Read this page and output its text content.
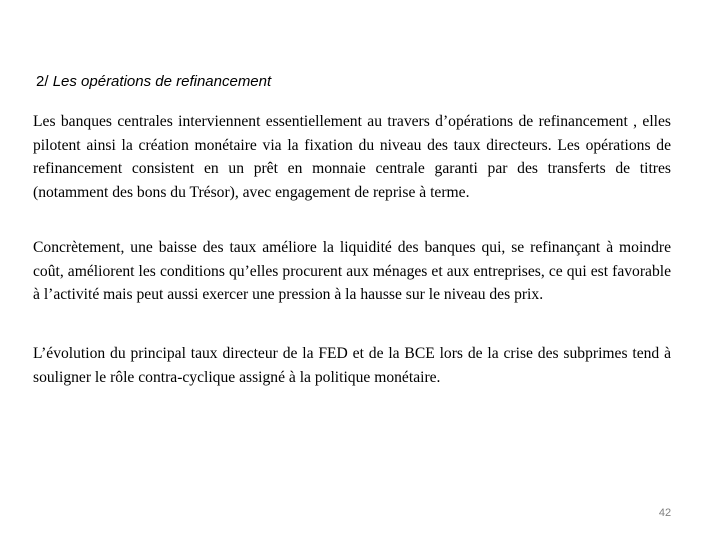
2/ Les opérations de refinancement

Les banques centrales interviennent essentiellement au travers d’opérations de refinancement , elles pilotent ainsi la création monétaire via la fixation du niveau des taux directeurs. Les opérations de refinancement consistent en un prêt en monnaie centrale garanti par des transferts de titres (notamment des bons du Trésor), avec engagement de reprise à terme.

Concrètement, une baisse des taux améliore la liquidité des banques qui, se refinançant à moindre coût, améliorent les conditions qu’elles procurent aux ménages et aux entreprises, ce qui est favorable à l’activité mais peut aussi exercer une pression à la hausse sur le niveau des prix.

L’évolution du principal taux directeur de la FED et de la BCE lors de la crise des subprimes tend à souligner le rôle contra-cyclique assigné à la politique monétaire.

42
